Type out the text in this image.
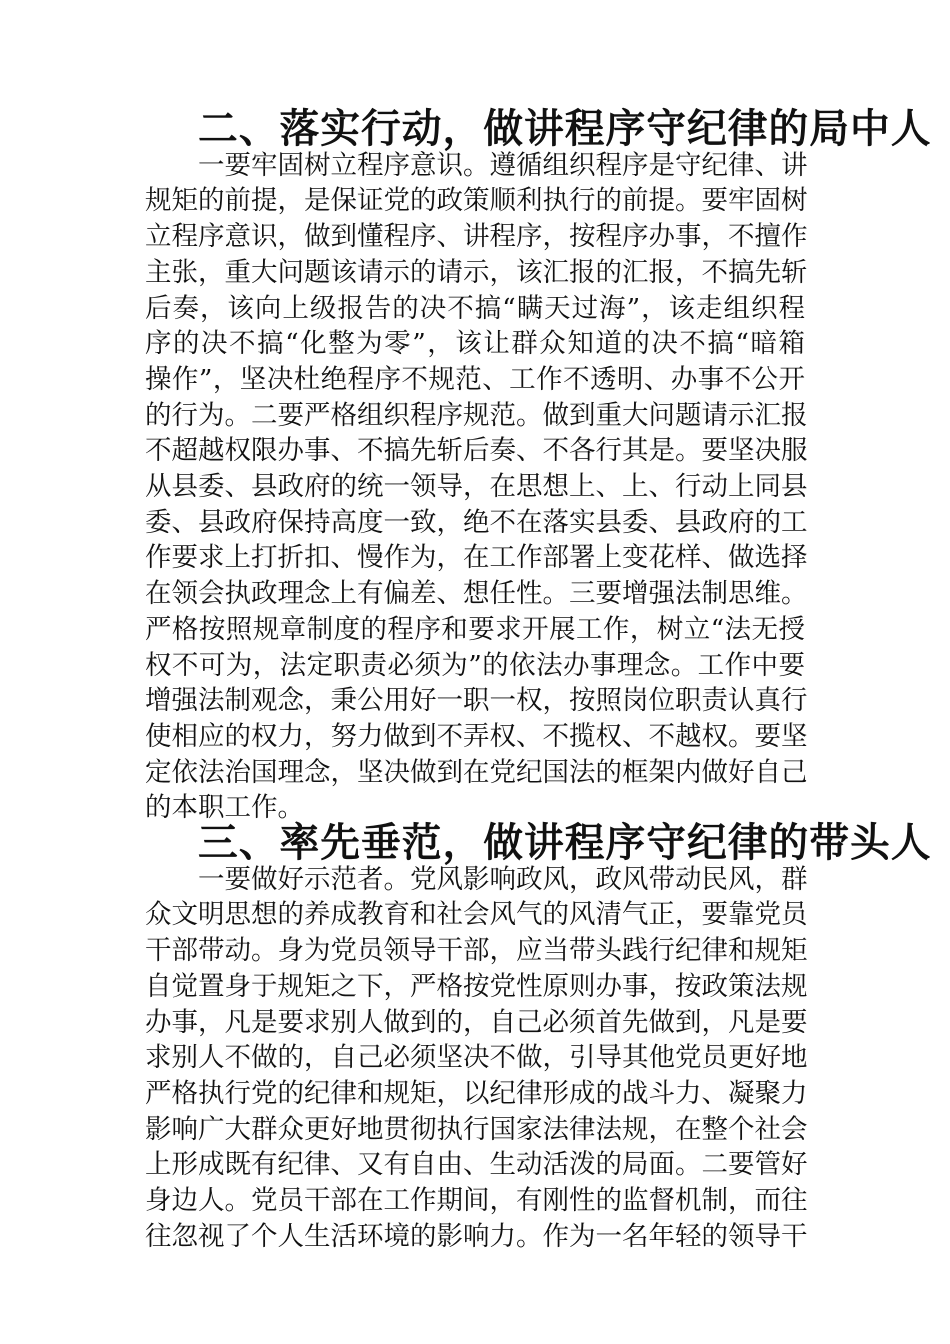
二、落实行动，做讲程序守纪律的局中人
一要牢固树立程序意识。遵循组织程序是守纪律、讲
规矩的前提，是保证党的政策顺利执行的前提。要牢固树
立程序意识，做到懂程序、讲程序，按程序办事，不擅作
主张，重大问题该请示的请示，该汇报的汇报，不搞先斩
后奏，该向上级报告的决不搞“瞒天过海”，该走组织程
序的决不搞“化整为零”，该让群众知道的决不搞“暗箱
操作”，坚决杜绝程序不规范、工作不透明、办事不公开
的行为。二要严格组织程序规范。做到重大问题请示汇报
不超越权限办事、不搞先斩后奏、不各行其是。要坚决服
从县委、县政府的统一领导，在思想上、上、行动上同县
委、县政府保持高度一致，绝不在落实县委、县政府的工
作要求上打折扣、慢作为，在工作部署上变花样、做选择
在领会执政理念上有偏差、想任性。三要增强法制思维。
严格按照规章制度的程序和要求开展工作，树立“法无授
权不可为，法定职责必须为”的依法办事理念。工作中要
增强法制观念，秉公用好一职一权，按照岗位职责认真行
使相应的权力，努力做到不弄权、不揽权、不越权。要坚
定依法治国理念，坚决做到在党纪国法的框架内做好自己
的本职工作。
三、率先垂范，做讲程序守纪律的带头人
一要做好示范者。党风影响政风，政风带动民风，群
众文明思想的养成教育和社会风气的风清气正，要靠党员
干部带动。身为党员领导干部，应当带头践行纪律和规矩
自觉置身于规矩之下，严格按党性原则办事，按政策法规
办事，凡是要求别人做到的，自己必须首先做到，凡是要
求别人不做的，自己必须坚决不做，引导其他党员更好地
严格执行党的纪律和规矩，以纪律形成的战斗力、凝聚力
影响广大群众更好地贯彻执行国家法律法规，在整个社会
上形成既有纪律、又有自由、生动活泼的局面。二要管好
身边人。党员干部在工作期间，有刚性的监督机制，而往
往忽视了个人生活环境的影响力。作为一名年轻的领导干
